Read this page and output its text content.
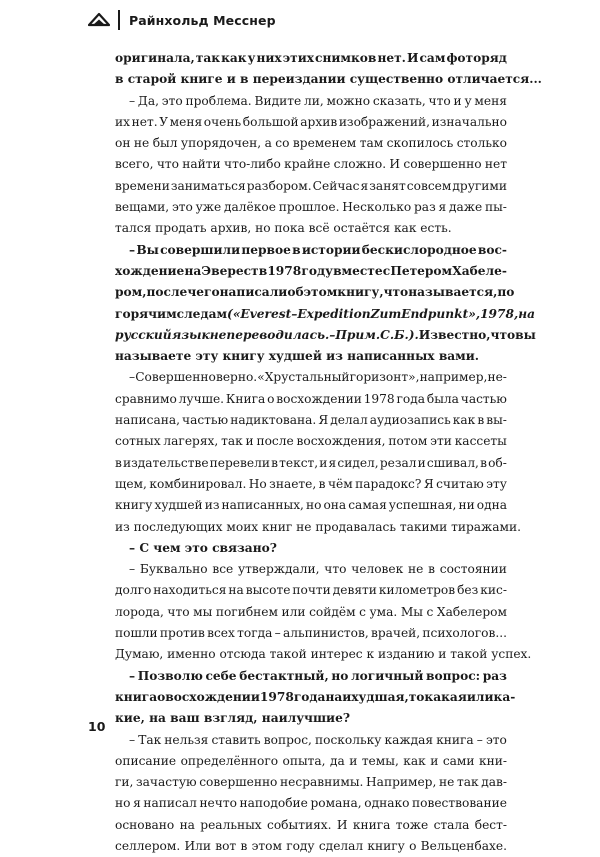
Райнхольд Месснер
оригинала, так как у них этих снимков нет. И сам фоторяд
в старой книге и в переиздании существенно отличается...
– Да, это проблема. Видите ли, можно сказать, что и у меня
их нет. У меня очень большой архив изображений, изначально
он не был упорядочен, а со временем там скопилось столько
всего, что найти что-либо крайне сложно. И совершенно нет
времени заниматься разбором. Сейчас я занят совсем другими
вещами, это уже далёкое прошлое. Несколько раз я даже пы-
тался продать архив, но пока всё остаётся как есть.
– Вы совершили первое в истории бескислородное вос-
хождение на Эверест в 1978 году вместе с Петером Хабеле-
ром, после чего написали об этом книгу, что называется, по
горячим следам («Everest – Expedition Zum Endpunkt», 1978, на
русский язык не переводилась. – Прим. С.Б.). Известно, что вы
называете эту книгу худшей из написанных вами.
– Совершенно верно. «Хрустальный горизонт», например, не-
сравнимо лучше. Книга о восхождении 1978 года была частью
написана, частью надиктована. Я делал аудиозапись как в вы-
сотных лагерях, так и после восхождения, потом эти кассеты
в издательстве перевели в текст, и я сидел, резал и сшивал, в об-
щем, комбинировал. Но знаете, в чём парадокс? Я считаю эту
книгу худшей из написанных, но она самая успешная, ни одна
из последующих моих книг не продавалась такими тиражами.
– С чем это связано?
– Буквально все утверждали, что человек не в состоянии
долго находиться на высоте почти девяти километров без кис-
лорода, что мы погибнем или сойдём с ума. Мы с Хабелером
пошли против всех тогда – альпинистов, врачей, психологов...
Думаю, именно отсюда такой интерес к изданию и такой успех.
– Позволю себе бестактный, но логичный вопрос: раз
книга о восхождении 1978 года наихудшая, то какая или ка-
кие, на ваш взгляд, наилучшие?
– Так нельзя ставить вопрос, поскольку каждая книга – это
описание определённого опыта, да и темы, как и сами кни-
ги, зачастую совершенно несравнимы. Например, не так дав-
но я написал нечто наподобие романа, однако повествование
основано на реальных событиях. И книга тоже стала бест-
селлером. Или вот в этом году сделал книгу о Вельценбахе.
10
